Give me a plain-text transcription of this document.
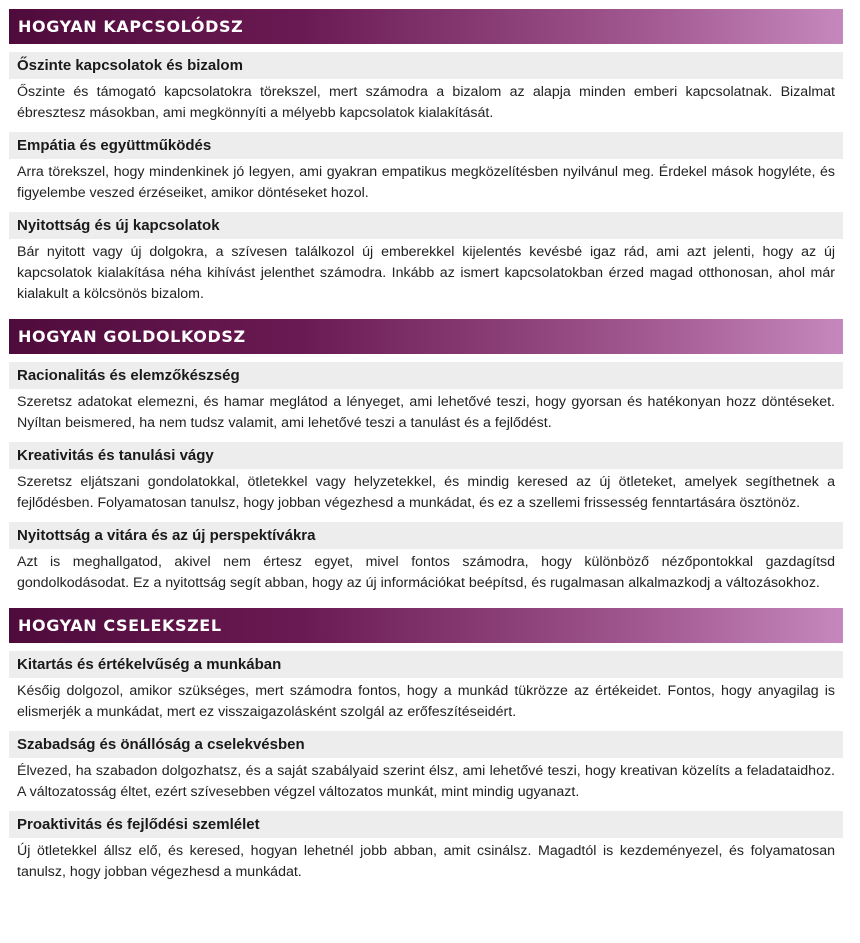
HOGYAN KAPCSOLÓDSZ
Őszinte kapcsolatok és bizalom
Őszinte és támogató kapcsolatokra törekszel, mert számodra a bizalom az alapja minden emberi kapcsolatnak. Bizalmat ébresztesz másokban, ami megkönnyíti a mélyebb kapcsolatok kialakítását.
Empátia és együttműködés
Arra törekszel, hogy mindenkinek jó legyen, ami gyakran empatikus megközelítésben nyilvánul meg. Érdekel mások hogyléte, és figyelembe veszed érzéseiket, amikor döntéseket hozol.
Nyitottság és új kapcsolatok
Bár nyitott vagy új dolgokra, a szívesen találkozol új emberekkel kijelentés kevésbé igaz rád, ami azt jelenti, hogy az új kapcsolatok kialakítása néha kihívást jelenthet számodra. Inkább az ismert kapcsolatokban érzed magad otthonosan, ahol már kialakult a kölcsönös bizalom.
HOGYAN GOLDOLKODSZ
Racionalitás és elemzőkészség
Szeretsz adatokat elemezni, és hamar meglátod a lényeget, ami lehetővé teszi, hogy gyorsan és hatékonyan hozz döntéseket. Nyíltan beismered, ha nem tudsz valamit, ami lehetővé teszi a tanulást és a fejlődést.
Kreativitás és tanulási vágy
Szeretsz eljátszani gondolatokkal, ötletekkel vagy helyzetekkel, és mindig keresed az új ötleteket, amelyek segíthetnek a fejlődésben. Folyamatosan tanulsz, hogy jobban végezhesd a munkádat, és ez a szellemi frissesség fenntartására ösztönöz.
Nyitottság a vitára és az új perspektívákra
Azt is meghallgatod, akivel nem értesz egyet, mivel fontos számodra, hogy különböző nézőpontokkal gazdagítsd gondolkodásodat. Ez a nyitottság segít abban, hogy az új információkat beépítsd, és rugalmasan alkalmazkodj a változásokhoz.
HOGYAN CSELEKSZEL
Kitartás és értékelvűség a munkában
Későig dolgozol, amikor szükséges, mert számodra fontos, hogy a munkád tükrözze az értékeidet. Fontos, hogy anyagilag is elismerjék a munkádat, mert ez visszaigazolásként szolgál az erőfeszítéseidért.
Szabadság és önállóság a cselekvésben
Élvezed, ha szabadon dolgozhatsz, és a saját szabályaid szerint élsz, ami lehetővé teszi, hogy kreativan közelíts a feladataidhoz. A változatosság éltet, ezért szívesebben végzel változatos munkát, mint mindig ugyanazt.
Proaktivitás és fejlődési szemlélet
Új ötletekkel állsz elő, és keresed, hogyan lehetnél jobb abban, amit csinálsz. Magadtól is kezdeményezel, és folyamatosan tanulsz, hogy jobban végezhesd a munkádat.
